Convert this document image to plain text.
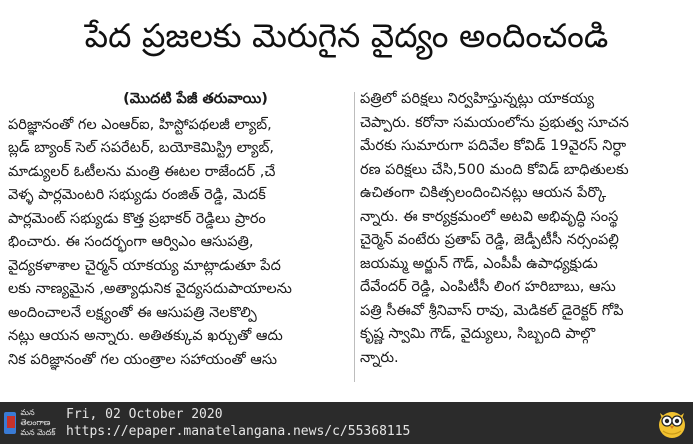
పేద ప్రజలకు మెరుగైన వైద్యం అందించండి
(మొదటి పేజీ తరువాయి)
పరిజ్ఞానంతో గల ఎంఆర్ఐ, హిస్టోపథలజీ ల్యాబ్,
బ్లడ్ బ్యాంక్ సెల్ సపరేటర్, బయోకెమిస్ట్రి ల్యాబ్,
మాడ్యులర్ ఓటీలను మంత్రి ఈటల రాజేందర్ ,చే
వెళ్ళ పార్లమెంటరి సభ్యుడు రంజిత్ రెడ్డి, మెదక్
పార్లమెంట్ సభ్యుడు కొత్త ప్రభాకర్ రెడ్డిలు ప్రారం
భించారు. ఈ సందర్భంగా ఆర్విఎం ఆసుపత్రి,
వైద్యకళాశాల చైర్మన్ యాకయ్య మాట్లాడుతూ పేద
లకు నాణ్యమైన ,అత్యాధునిక వైద్యసదుపాయాలను
అందించాలనే లక్ష్యంతో ఈ ఆసుపత్రి నెలకొల్పి
నట్లు ఆయన అన్నారు. అతితక్కువ ఖర్చుతో ఆదు
నిక పరిజ్ఞానంతో గల యంత్రాల సహాయంతో ఆసు
పత్రిలో పరిక్షలు నిర్వహిస్తున్నట్లు యాకయ్య
చెప్పారు. కరోనా సమయంలోను ప్రభుత్వ సూచన
మేరకు సుమారుగా పదివేల కోవిడ్ 19వైరస్ నిర్ధా
రణ పరిక్షలు చేసి,500 మంది కోవిడ్ బాధితులకు
ఉచితంగా చికిత్సలందించినట్లు ఆయన పేర్కొ
న్నారు. ఈ కార్యక్రమంలో అటవి అభివృద్ధి సంస్థ
చైర్మెన్ వంటేరు ప్రతాప్ రెడ్డి, జెడ్పీటీసీ నర్సంపల్లి
జయమ్మ అర్జున్ గౌడ్, ఎంపీపీ ఉపాధ్యక్షుడు
దేవేందర్ రెడ్డి, ఎంపిటీసీ లింగ హరిబాబు, ఆసు
పత్రి సీఈవో శ్రీనివాస్ రావు, మెడికల్ డైరెక్టర్ గోపి
కృష్ణ స్వామి గౌడ్, వైద్యులు, సిబ్బంది పాల్గొ
న్నారు.
మన తెలంగాణ
మన మెదక్
Fri, 02 October 2020
https://epaper.manatelangana.news/c/55368115
